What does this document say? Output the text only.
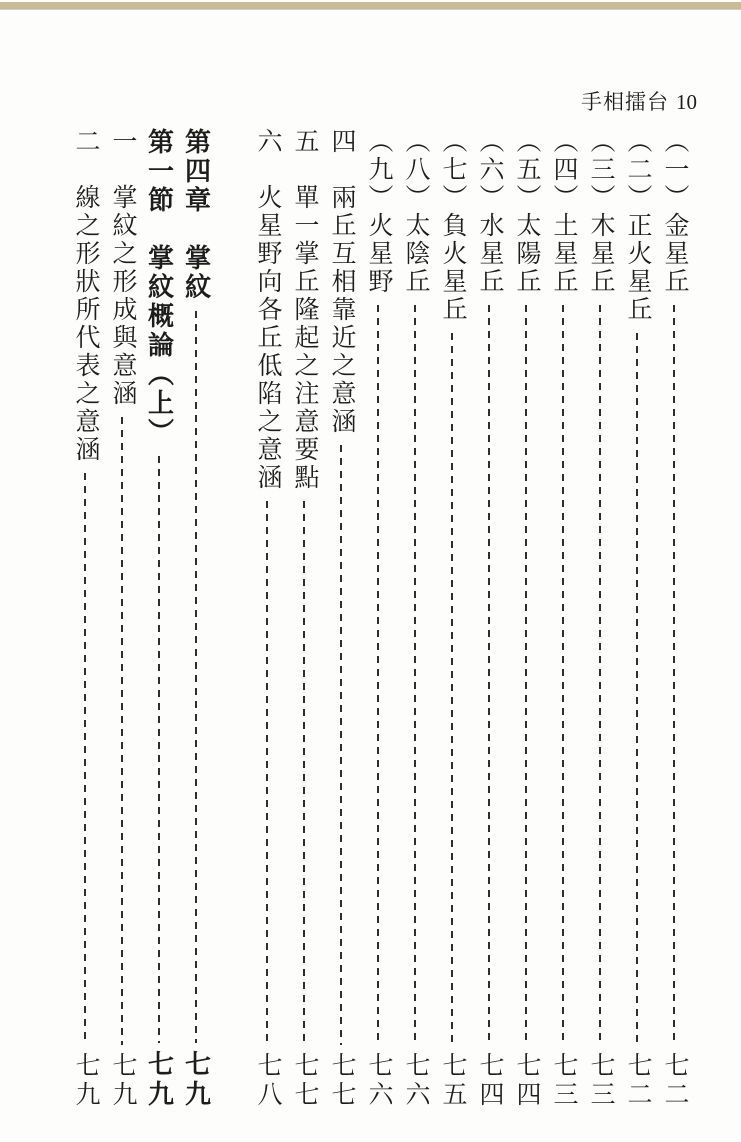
手相擂台 10
（一）金星丘
七二
（二）正火星丘
七二
（三）木星丘
七三
（四）土星丘
七三
（五）太陽丘
七四
（六）水星丘
七四
（七）負火星丘
七五
（八）太陰丘
七六
（九）火星野
七六
四　兩丘互相靠近之意涵
七七
五　單一掌丘隆起之注意要點
七七
六　火星野向各丘低陷之意涵
七八
第四章　掌紋
七九
第一節　掌紋概論（上）
七九
一　掌紋之形成與意涵
七九
二　線之形狀所代表之意涵
七九
